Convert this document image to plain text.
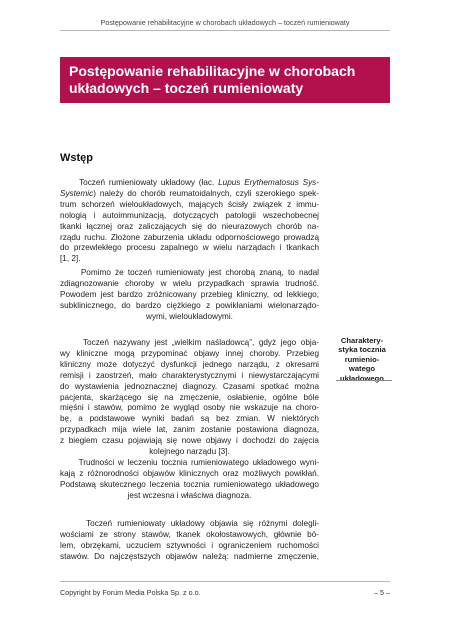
Postępowanie rehabilitacyjne w chorobach układowych – toczeń rumieniowaty
Postępowanie rehabilitacyjne w chorobach
układowych – toczeń rumieniowaty
Wstęp
Toczeń rumieniowaty układowy (łac. Lupus Erythematosus Sys-
Systemic) należy do chorób reumatoidalnych, czyli szerokiego spek-
trum schorzeń wieloukładowych, mających ścisły związek z immu-
nologią i autoimmunizacją, dotyczących patologii wszechobecnej
tkanki łącznej oraz zaliczających się do nieurazowych chorób na-
rządu ruchu. Złożone zaburzenia układu odpornościowego prowadzą
do przewlekłego procesu zapalnego w wielu narządach i tkankach
[1, 2].
Pomimo że toczeń rumieniowaty jest chorobą znaną, to nadal
zdiagnozowanie choroby w wielu przypadkach sprawia trudność.
Powodem jest bardzo zróżnicowany przebieg kliniczny, od lekkiego,
subklinicznego, do bardzo ciężkiego z powikłaniami wielonarządo-
wymi, wieloukładowymi.
Toczeń nazywany jest „wielkim naśladowcą”, gdyż jego obja-
wy kliniczne mogą przypominać objawy innej choroby. Przebieg
kliniczny może dotyczyć dysfunkcji jednego narządu, z okresami
remisji i zaostrzeń, mało charakterystycznymi i niewystarczającymi
do wystawienia jednoznacznej diagnozy. Czasami spotkać można
pacjenta, skarżącego się na zmęczenie, osłabienie, ogólne bóle
mięśni i stawów, pomimo że wygląd osoby nie wskazuje na choro-
bę, a podstawowe wyniki badań są bez zmian. W niektórych
przypadkach mija wiele lat, zanim zostanie postawiona diagnoza,
z biegiem czasu pojawiają się nowe objawy i dochodzi do zajęcia
kolejnego narządu [3].
Trudności w leczeniu tocznia rumieniowatego układowego wyni-
kają z różnorodności objawów klinicznych oraz możliwych powikłań.
Podstawą skutecznego leczenia tocznia rumieniowatego układowego
jest wczesna i właściwa diagnoza.
Toczeń rumieniowaty układowy objawia się różnymi dolegli-
wościami ze strony stawów, tkanek okołostawowych, głównie bó-
lem, obrzękami, uczuciem sztywności i ograniczeniem ruchomości
stawów. Do najczęstszych objawów należą: nadmierne zmęczenie,
Charaktery-
styka tocznia
rumienio-
watego
układowego
Copyright by Forum Media Polska Sp. z o.o.	– 5 –
